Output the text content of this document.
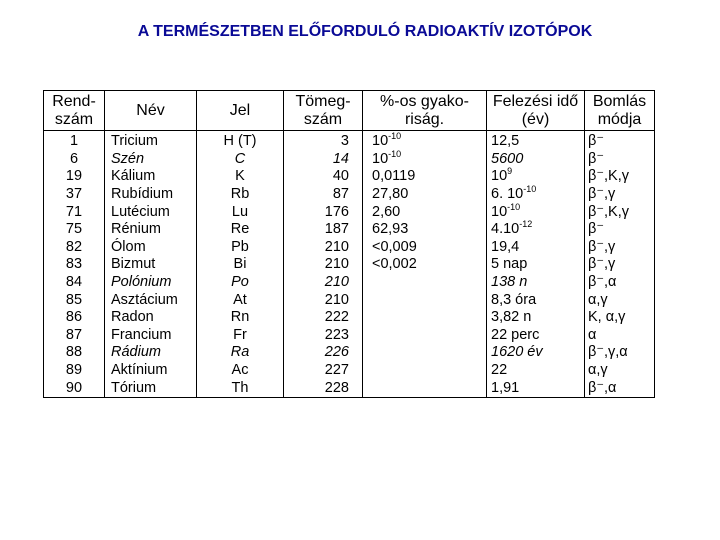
A TERMÉSZETBEN ELŐFORDULÓ RADIOAKTÍV IZOTÓPOK
Rend-szám	Név	Jel	Tömeg-szám	%-os gyako-riság.	Felezési idő (év)	Bomlás módja
1	Tricium	H (T)	3	$10^{-10}$	12,5	β⁻
6	Szén	C	14	$10^{-10}$	5600	β⁻
19	Kálium	K	40	0,0119	$10^9$	β⁻,K,γ
37	Rubídium	Rb	87	27,80	6. $10^{-10}$	β⁻,γ
71	Lutécium	Lu	176	2,60	$10^{-10}$	β⁻,K,γ
75	Rénium	Re	187	62,93	$4.10^{-12}$	β⁻
82	Ólom	Pb	210	<0,009	19,4	β⁻,γ
83	Bizmut	Bi	210	<0,002	5 nap	β⁻,γ
84	Polónium	Po	210		138 n	β⁻,α
85	Asztácium	At	210		8,3 óra	α,γ
86	Radon	Rn	222		3,82 n	K, α,γ
87	Francium	Fr	223		22 perc	α
88	Rádium	Ra	226		1620 év	β⁻,γ,α
89	Aktínium	Ac	227		22	α,γ
90	Tórium	Th	228		1,91	β⁻,α
